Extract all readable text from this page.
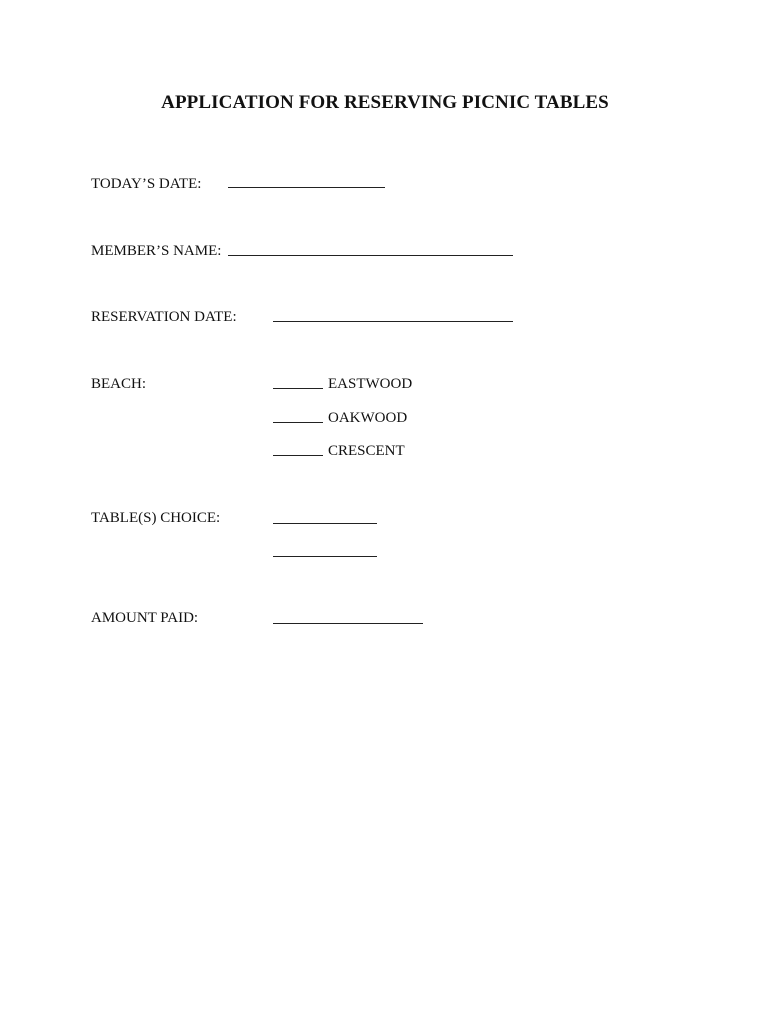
APPLICATION FOR RESERVING PICNIC TABLES
TODAY’S DATE:
MEMBER’S NAME:
RESERVATION DATE:
BEACH:	EASTWOOD
OAKWOOD
CRESCENT
TABLE(S) CHOICE:
AMOUNT PAID:
